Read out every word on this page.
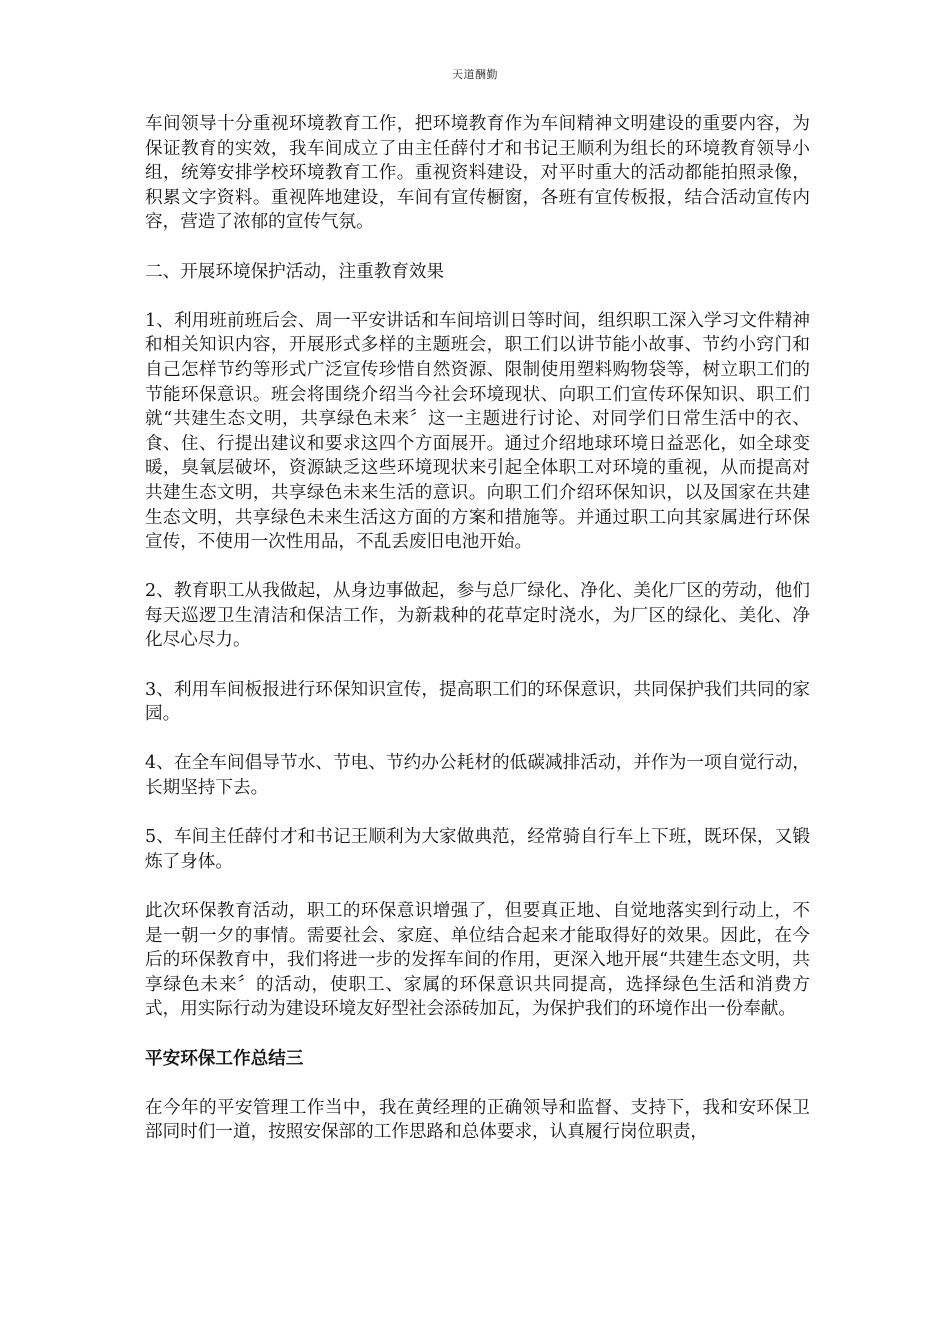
天道酬勤

车间领导十分重视环境教育工作，把环境教育作为车间精神文明建设的重要内容，为保证教育的实效，我车间成立了由主任薛付才和书记王顺利为组长的环境教育领导小组，统筹安排学校环境教育工作。重视资料建设，对平时重大的活动都能拍照录像，积累文字资料。重视阵地建设，车间有宣传橱窗，各班有宣传板报，结合活动宣传内容，营造了浓郁的宣传气氛。

二、开展环境保护活动，注重教育效果

1、利用班前班后会、周一平安讲话和车间培训日等时间，组织职工深入学习文件精神和相关知识内容，开展形式多样的主题班会，职工们以讲节能小故事、节约小窍门和自己怎样节约等形式广泛宣传珍惜自然资源、限制使用塑料购物袋等，树立职工们的节能环保意识。班会将围绕介绍当今社会环境现状、向职工们宣传环保知识、职工们就“共建生态文明，共享绿色未来〞这一主题进行讨论、对同学们日常生活中的衣、食、住、行提出建议和要求这四个方面展开。通过介绍地球环境日益恶化，如全球变暖，臭氧层破坏，资源缺乏这些环境现状来引起全体职工对环境的重视，从而提高对共建生态文明，共享绿色未来生活的意识。向职工们介绍环保知识，以及国家在共建生态文明，共享绿色未来生活这方面的方案和措施等。并通过职工向其家属进行环保宣传，不使用一次性用品，不乱丢废旧电池开始。

2、教育职工从我做起，从身边事做起，参与总厂绿化、净化、美化厂区的劳动，他们每天巡逻卫生清洁和保洁工作，为新栽种的花草定时浇水，为厂区的绿化、美化、净化尽心尽力。

3、利用车间板报进行环保知识宣传，提高职工们的环保意识，共同保护我们共同的家园。

4、在全车间倡导节水、节电、节约办公耗材的低碳减排活动，并作为一项自觉行动，长期坚持下去。

5、车间主任薛付才和书记王顺利为大家做典范，经常骑自行车上下班，既环保，又锻炼了身体。

此次环保教育活动，职工的环保意识增强了，但要真正地、自觉地落实到行动上，不是一朝一夕的事情。需要社会、家庭、单位结合起来才能取得好的效果。因此，在今后的环保教育中，我们将进一步的发挥车间的作用，更深入地开展“共建生态文明，共享绿色未来〞的活动，使职工、家属的环保意识共同提高，选择绿色生活和消费方式，用实际行动为建设环境友好型社会添砖加瓦，为保护我们的环境作出一份奉献。

平安环保工作总结三

在今年的平安管理工作当中，我在黄经理的正确领导和监督、支持下，我和安环保卫部同时们一道，按照安保部的工作思路和总体要求，认真履行岗位职责，
